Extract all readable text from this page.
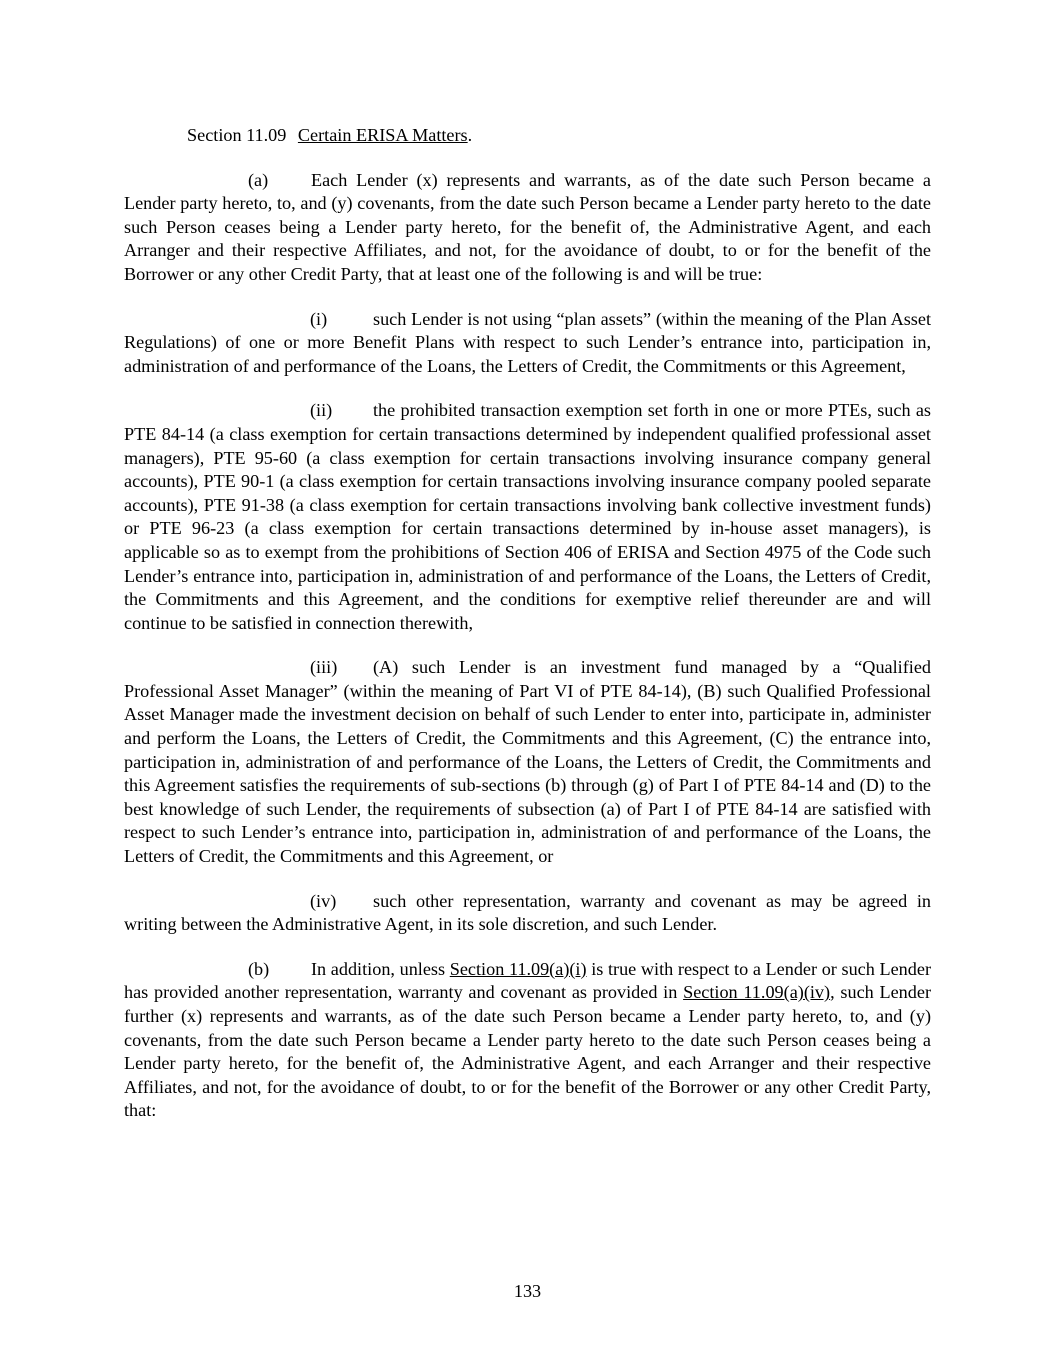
Section 11.09 Certain ERISA Matters.

(a) Each Lender (x) represents and warrants, as of the date such Person became a Lender party hereto, to, and (y) covenants, from the date such Person became a Lender party hereto to the date such Person ceases being a Lender party hereto, for the benefit of, the Administrative Agent, and each Arranger and their respective Affiliates, and not, for the avoidance of doubt, to or for the benefit of the Borrower or any other Credit Party, that at least one of the following is and will be true:

(i)	such Lender is not using “plan assets” (within the meaning of the Plan Asset Regulations) of one or more Benefit Plans with respect to such Lender’s entrance into, participation in, administration of and performance of the Loans, the Letters of Credit, the Commitments or this Agreement,

(ii) the prohibited transaction exemption set forth in one or more PTEs, such as PTE 84-14 (a class exemption for certain transactions determined by independent qualified professional asset managers), PTE 95-60 (a class exemption for certain transactions involving insurance company general accounts), PTE 90-1 (a class exemption for certain transactions involving insurance company pooled separate accounts), PTE 91-38 (a class exemption for certain transactions involving bank collective investment funds) or PTE 96-23 (a class exemption for certain transactions determined by in-house asset managers), is applicable so as to exempt from the prohibitions of Section 406 of ERISA and Section 4975 of the Code such Lender’s entrance into, participation in, administration of and performance of the Loans, the Letters of Credit, the Commitments and this Agreement, and the conditions for exemptive relief thereunder are and will continue to be satisfied in connection therewith,

(iii) (A) such Lender is an investment fund managed by a “Qualified Professional Asset Manager” (within the meaning of Part VI of PTE 84-14), (B) such Qualified Professional Asset Manager made the investment decision on behalf of such Lender to enter into, participate in, administer and perform the Loans, the Letters of Credit, the Commitments and this Agreement, (C) the entrance into, participation in, administration of and performance of the Loans, the Letters of Credit, the Commitments and this Agreement satisfies the requirements of sub-sections (b) through (g) of Part I of PTE 84-14 and (D) to the best knowledge of such Lender, the requirements of subsection (a) of Part I of PTE 84-14 are satisfied with respect to such Lender’s entrance into, participation in, administration of and performance of the Loans, the Letters of Credit, the Commitments and this Agreement, or

(iv) such other representation, warranty and covenant as may be agreed in writing between the Administrative Agent, in its sole discretion, and such Lender.

(b) In addition, unless Section 11.09(a)(i) is true with respect to a Lender or such Lender has provided another representation, warranty and covenant as provided in Section 11.09(a)(iv), such Lender further (x) represents and warrants, as of the date such Person became a Lender party hereto, to, and (y) covenants, from the date such Person became a Lender party hereto to the date such Person ceases being a Lender party hereto, for the benefit of, the Administrative Agent, and each Arranger and their respective Affiliates, and not, for the avoidance of doubt, to or for the benefit of the Borrower or any other Credit Party, that:

133
